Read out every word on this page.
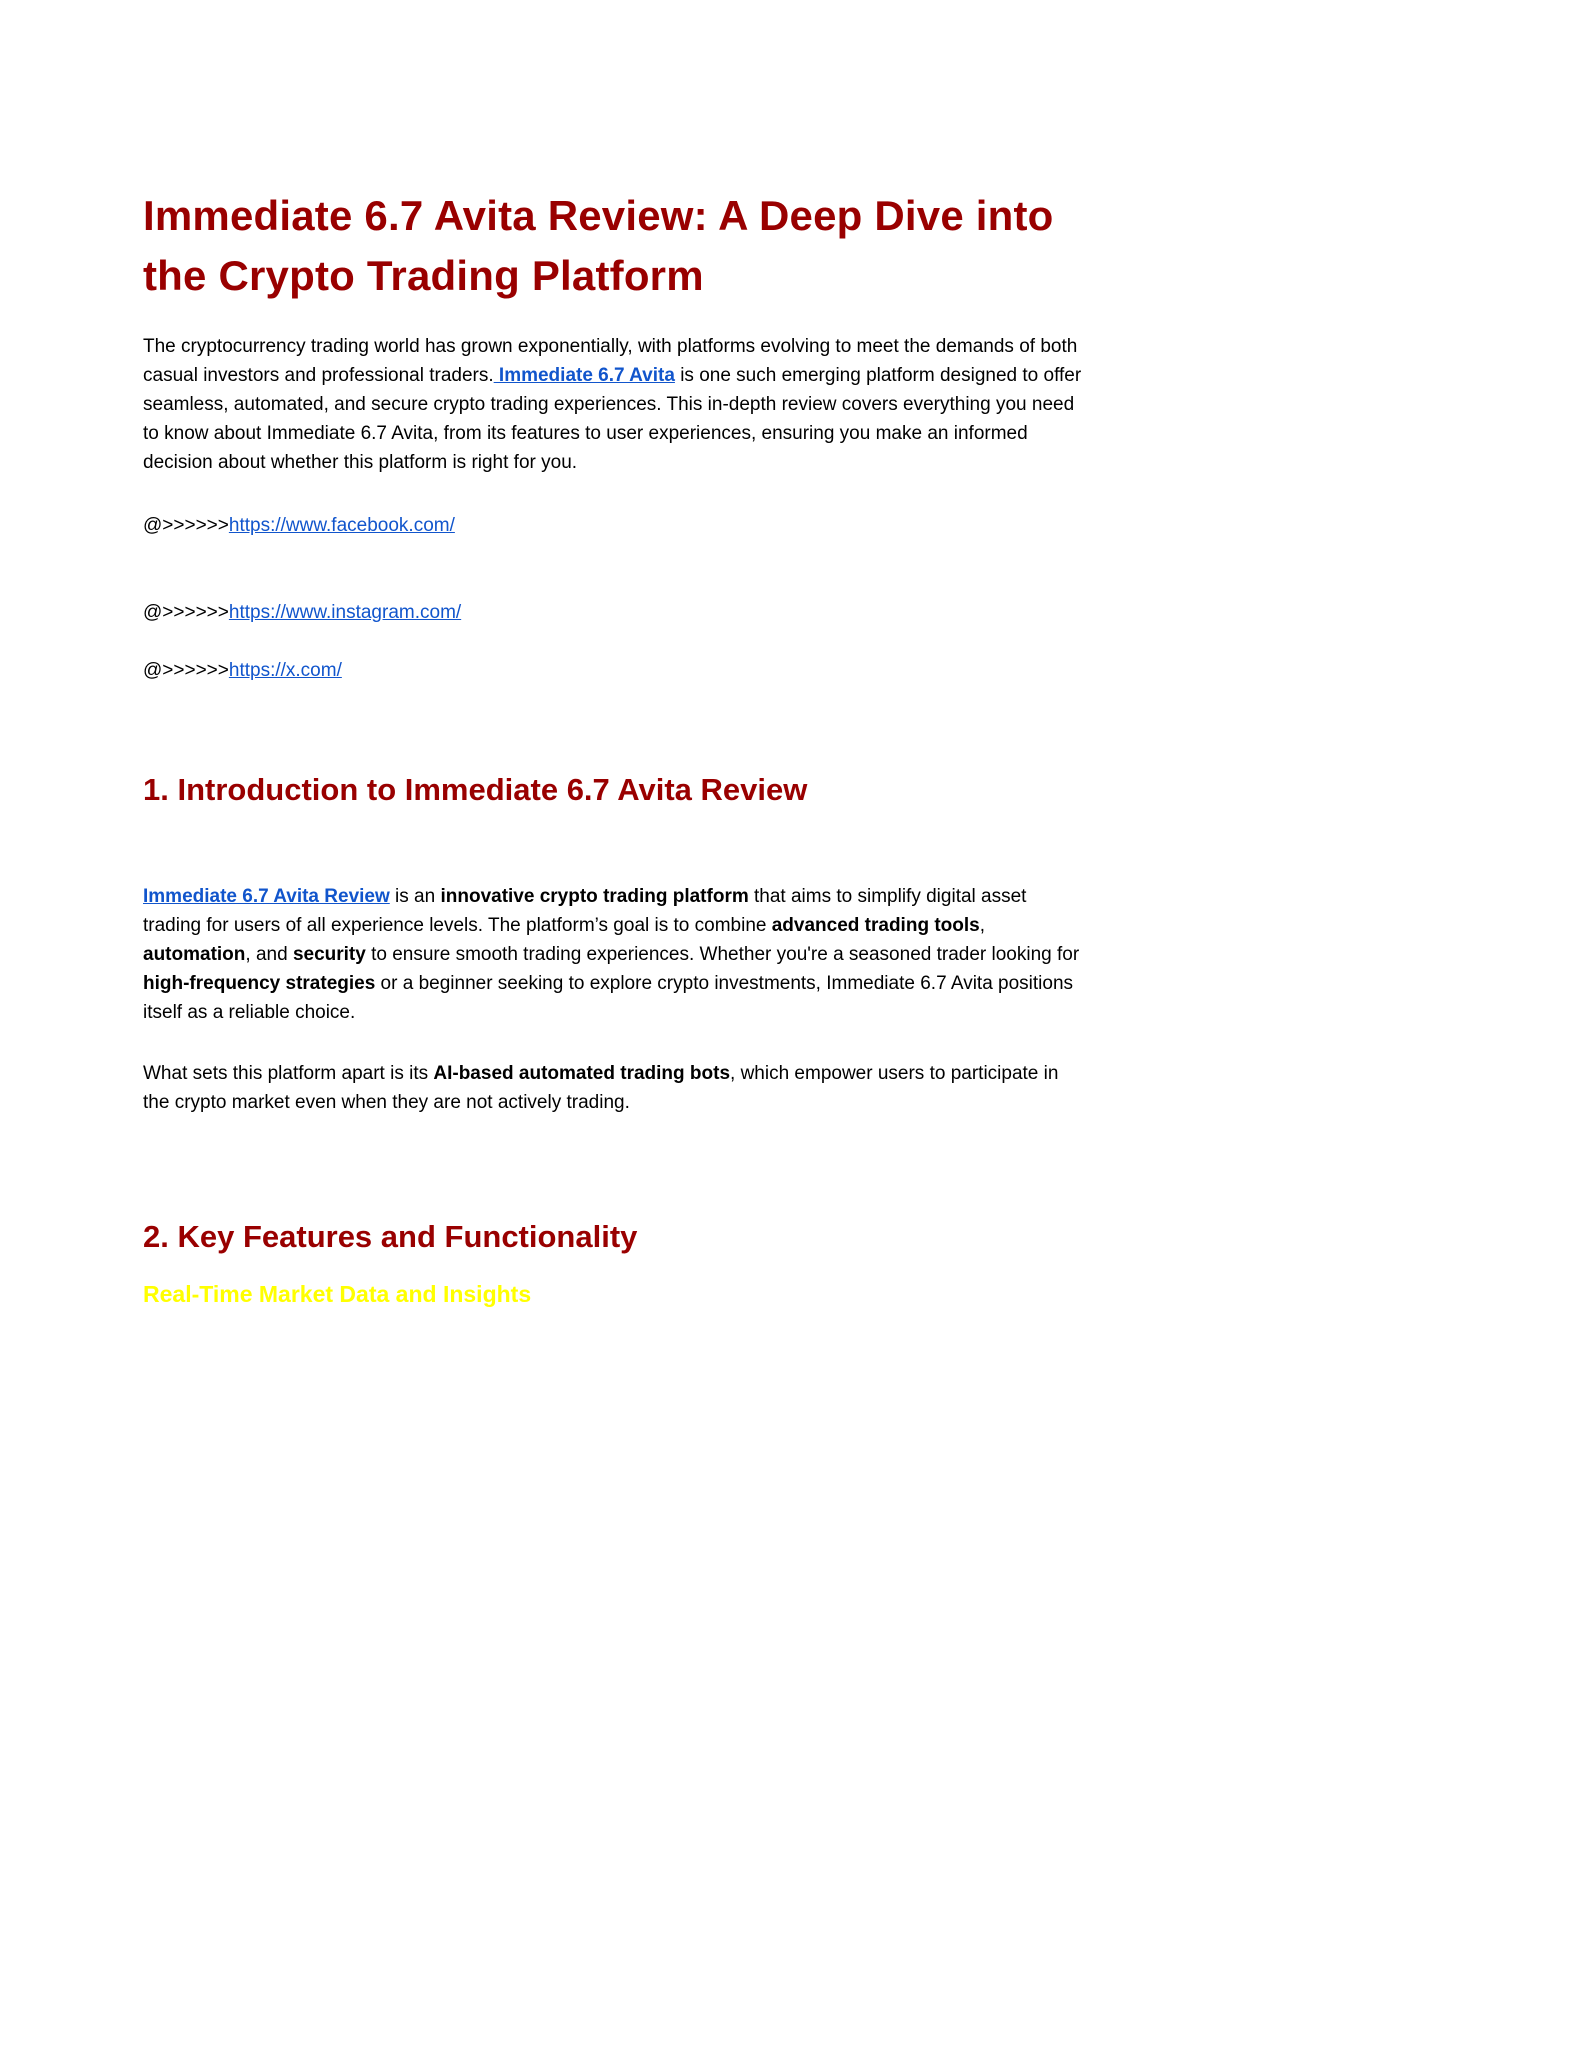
Immediate 6.7 Avita Review: A Deep Dive into the Crypto Trading Platform

The cryptocurrency trading world has grown exponentially, with platforms evolving to meet the demands of both casual investors and professional traders. Immediate 6.7 Avita is one such emerging platform designed to offer seamless, automated, and secure crypto trading experiences. This in-depth review covers everything you need to know about Immediate 6.7 Avita, from its features to user experiences, ensuring you make an informed decision about whether this platform is right for you.

@>>>>>>https://www.facebook.com/

@>>>>>>https://www.instagram.com/

@>>>>>>https://x.com/

1. Introduction to Immediate 6.7 Avita Review

Immediate 6.7 Avita Review is an innovative crypto trading platform that aims to simplify digital asset trading for users of all experience levels. The platform’s goal is to combine advanced trading tools, automation, and security to ensure smooth trading experiences. Whether you're a seasoned trader looking for high-frequency strategies or a beginner seeking to explore crypto investments, Immediate 6.7 Avita positions itself as a reliable choice.

What sets this platform apart is its AI-based automated trading bots, which empower users to participate in the crypto market even when they are not actively trading.

2. Key Features and Functionality
Real-Time Market Data and Insights
